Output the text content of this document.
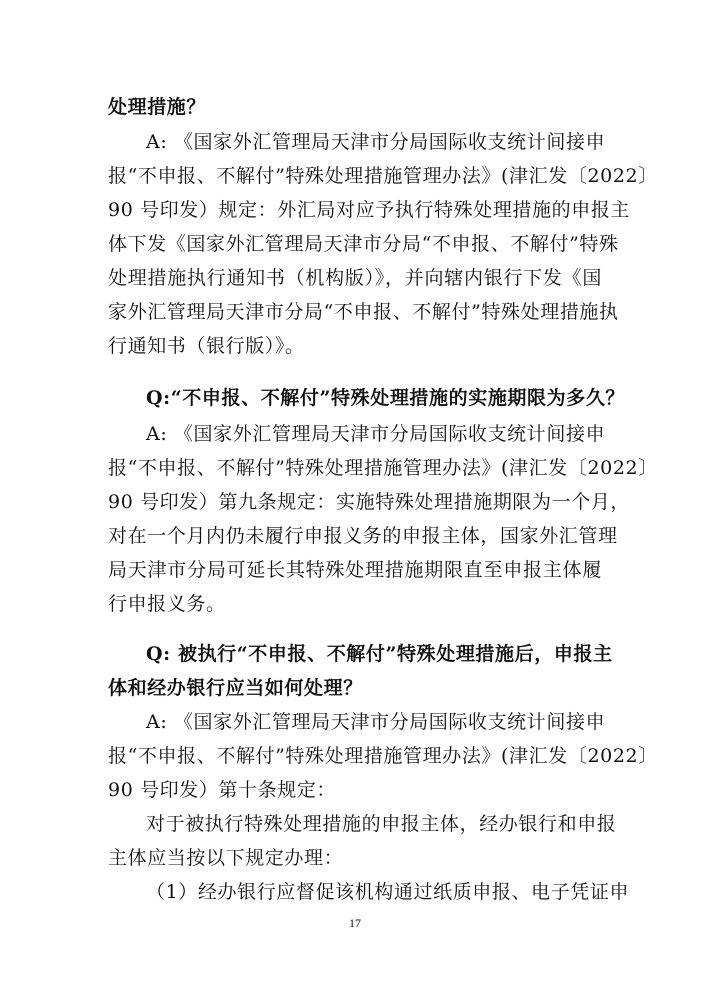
处理措施？
A: 《国家外汇管理局天津市分局国际收支统计间接申
报“不申报、不解付”特殊处理措施管理办法》(津汇发〔2022〕
90 号印发）规定：外汇局对应予执行特殊处理措施的申报主
体下发《国家外汇管理局天津市分局“不申报、不解付”特殊
处理措施执行通知书（机构版）》，并向辖内银行下发《国
家外汇管理局天津市分局“不申报、不解付”特殊处理措施执
行通知书（银行版）》。
Q:“不申报、不解付”特殊处理措施的实施期限为多久？
A: 《国家外汇管理局天津市分局国际收支统计间接申
报“不申报、不解付”特殊处理措施管理办法》(津汇发〔2022〕
90 号印发）第九条规定：实施特殊处理措施期限为一个月，
对在一个月内仍未履行申报义务的申报主体，国家外汇管理
局天津市分局可延长其特殊处理措施期限直至申报主体履
行申报义务。
Q: 被执行“不申报、不解付”特殊处理措施后，申报主
体和经办银行应当如何处理？
A: 《国家外汇管理局天津市分局国际收支统计间接申
报“不申报、不解付”特殊处理措施管理办法》(津汇发〔2022〕
90 号印发）第十条规定：
对于被执行特殊处理措施的申报主体，经办银行和申报
主体应当按以下规定办理：
（1）经办银行应督促该机构通过纸质申报、电子凭证申
17
